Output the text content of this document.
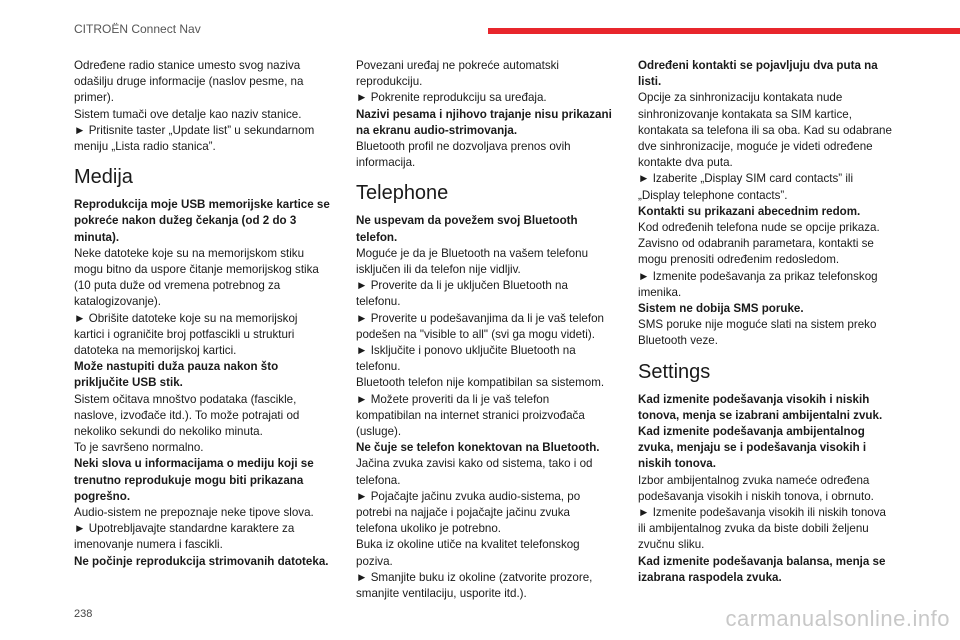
CITROËN Connect Nav

Određene radio stanice umesto svog naziva odašilju druge informacije (naslov pesme, na primer).

Sistem tumači ove detalje kao naziv stanice.

► Pritisnite taster „Update list” u sekundarnom meniju „Lista radio stanica”.

Medija

Reprodukcija moje USB memorijske kartice se pokreće nakon dužeg čekanja (od 2 do 3 minuta).

Neke datoteke koje su na memorijskom stiku mogu bitno da uspore čitanje memorijskog stika (10 puta duže od vremena potrebnog za katalogizovanje).

► Obrišite datoteke koje su na memorijskoj kartici i ograničite broj potfascikli u strukturi datoteka na memorijskoj kartici.

Može nastupiti duža pauza nakon što priključite USB stik.

Sistem očitava mnoštvo podataka (fascikle, naslove, izvođače itd.). To može potrajati od nekoliko sekundi do nekoliko minuta.

To je savršeno normalno.

Neki slova u informacijama o mediju koji se trenutno reprodukuje mogu biti prikazana pogrešno.

Audio-sistem ne prepoznaje neke tipove slova.

► Upotrebljavajte standardne karaktere za imenovanje numera i fascikli.

Ne počinje reprodukcija strimovanih datoteka.

Povezani uređaj ne pokreće automatski reprodukciju.

► Pokrenite reprodukciju sa uređaja.

Nazivi pesama i njihovo trajanje nisu prikazani na ekranu audio-strimovanja.

Bluetooth profil ne dozvoljava prenos ovih informacija.

Telephone

Ne uspevam da povežem svoj Bluetooth telefon.

Moguće je da je Bluetooth na vašem telefonu isključen ili da telefon nije vidljiv.

► Proverite da li je uključen Bluetooth na telefonu.

► Proverite u podešavanjima da li je vaš telefon podešen na "visible to all" (svi ga mogu videti).

► Isključite i ponovo uključite Bluetooth na telefonu.

Bluetooth telefon nije kompatibilan sa sistemom.

► Možete proveriti da li je vaš telefon kompatibilan na internet stranici proizvođača (usluge).

Ne čuje se telefon konektovan na Bluetooth.

Jačina zvuka zavisi kako od sistema, tako i od telefona.

► Pojačajte jačinu zvuka audio-sistema, po potrebi na najjače i pojačajte jačinu zvuka telefona ukoliko je potrebno.

Buka iz okoline utiče na kvalitet telefonskog poziva.

► Smanjite buku iz okoline (zatvorite prozore, smanjite ventilaciju, usporite itd.).

Određeni kontakti se pojavljuju dva puta na listi.

Opcije za sinhronizaciju kontakata nude sinhronizovanje kontakata sa SIM kartice, kontakata sa telefona ili sa oba. Kad su odabrane dve sinhronizacije, moguće je videti određene kontakte dva puta.

► Izaberite „Display SIM card contacts” ili „Display telephone contacts”.

Kontakti su prikazani abecednim redom.

Kod određenih telefona nude se opcije prikaza. Zavisno od odabranih parametara, kontakti se mogu prenositi određenim redosledom.

► Izmenite podešavanja za prikaz telefonskog imenika.

Sistem ne dobija SMS poruke.

SMS poruke nije moguće slati na sistem preko Bluetooth veze.

Settings

Kad izmenite podešavanja visokih i niskih tonova, menja se izabrani ambijentalni zvuk.

Kad izmenite podešavanja ambijentalnog zvuka, menjaju se i podešavanja visokih i niskih tonova.

Izbor ambijentalnog zvuka nameće određena podešavanja visokih i niskih tonova, i obrnuto.

► Izmenite podešavanja visokih ili niskih tonova ili ambijentalnog zvuka da biste dobili željenu zvučnu sliku.

Kad izmenite podešavanja balansa, menja se izabrana raspodela zvuka.

238	carmanualsonline.info
